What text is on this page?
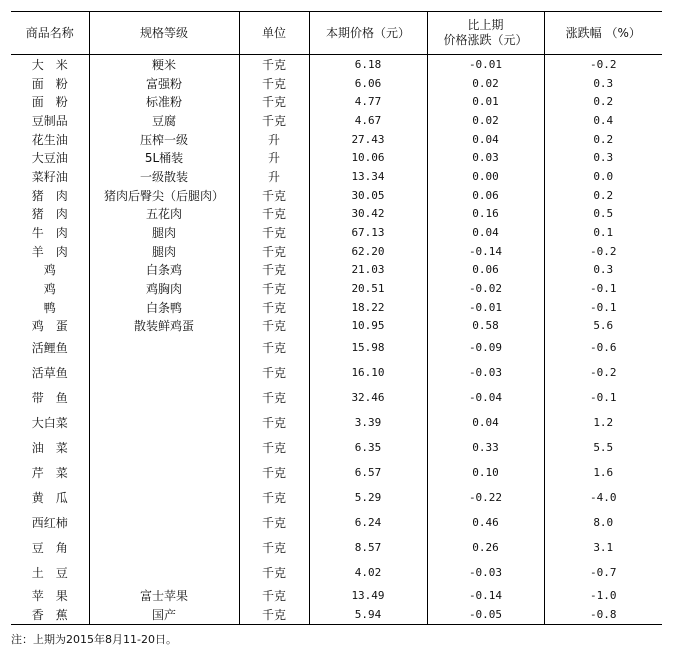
商品名称	规格等级	单位	本期价格（元）	比上期
价格涨跌（元）	涨跌幅 （%）
大　米	粳米	千克	6.18	-0.01	-0.2
面　粉	富强粉	千克	6.06	0.02	0.3
面　粉	标准粉	千克	4.77	0.01	0.2
豆制品	豆腐	千克	4.67	0.02	0.4
花生油	压榨一级	升	27.43	0.04	0.2
大豆油	5L桶装	升	10.06	0.03	0.3
菜籽油	一级散装	升	13.34	0.00	0.0
猪　肉	猪肉后臀尖（后腿肉）	千克	30.05	0.06	0.2
猪　肉	五花肉	千克	30.42	0.16	0.5
牛　肉	腿肉	千克	67.13	0.04	0.1
羊　肉	腿肉	千克	62.20	-0.14	-0.2
鸡	白条鸡	千克	21.03	0.06	0.3
鸡	鸡胸肉	千克	20.51	-0.02	-0.1
鸭	白条鸭	千克	18.22	-0.01	-0.1
鸡　蛋	散装鲜鸡蛋	千克	10.95	0.58	5.6
活鲤鱼		千克	15.98	-0.09	-0.6
活草鱼		千克	16.10	-0.03	-0.2
带　鱼		千克	32.46	-0.04	-0.1
大白菜		千克	3.39	0.04	1.2
油　菜		千克	6.35	0.33	5.5
芹　菜		千克	6.57	0.10	1.6
黄　瓜		千克	5.29	-0.22	-4.0
西红柿		千克	6.24	0.46	8.0
豆　角		千克	8.57	0.26	3.1
土　豆		千克	4.02	-0.03	-0.7
苹　果	富士苹果	千克	13.49	-0.14	-1.0
香　蕉	国产	千克	5.94	-0.05	-0.8
注：上期为2015年8月11-20日。
